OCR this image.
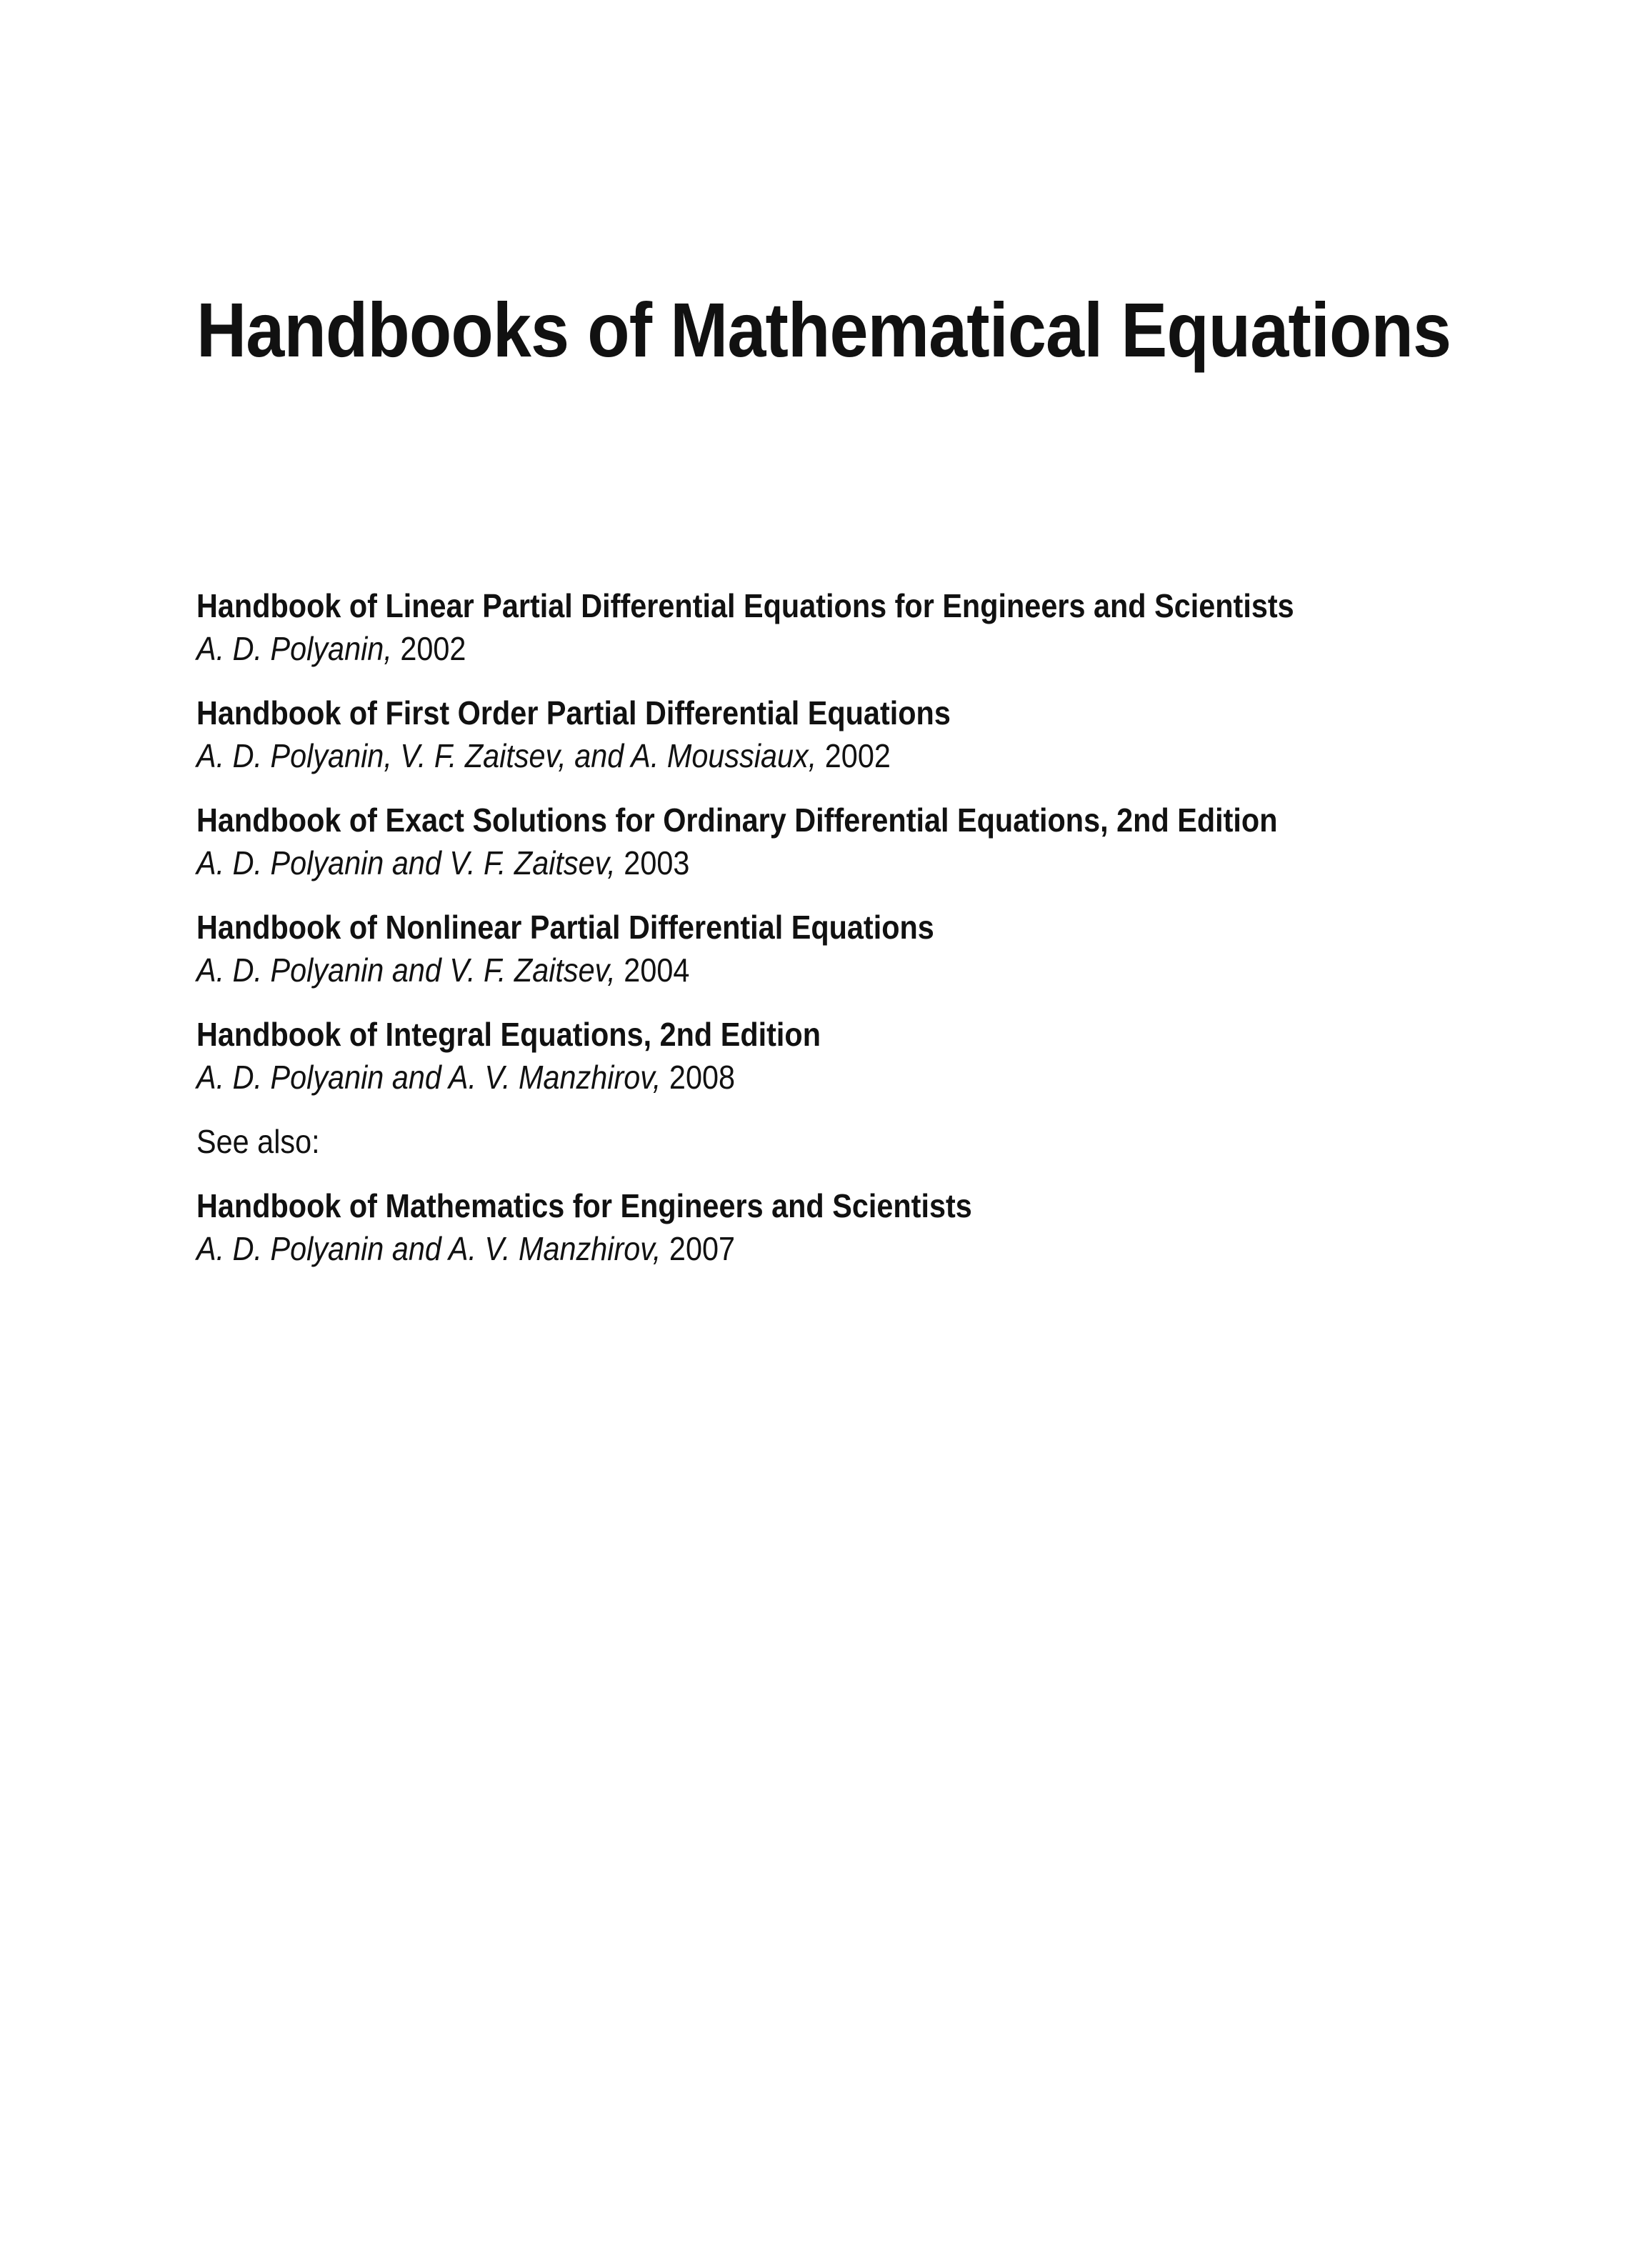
Handbooks of Mathematical Equations
Handbook of Linear Partial Differential Equations for Engineers and Scientists
A. D. Polyanin, 2002
Handbook of First Order Partial Differential Equations
A. D. Polyanin, V. F. Zaitsev, and A. Moussiaux, 2002
Handbook of Exact Solutions for Ordinary Differential Equations, 2nd Edition
A. D. Polyanin and V. F. Zaitsev, 2003
Handbook of Nonlinear Partial Differential Equations
A. D. Polyanin and V. F. Zaitsev, 2004
Handbook of Integral Equations, 2nd Edition
A. D. Polyanin and A. V. Manzhirov, 2008
See also:
Handbook of Mathematics for Engineers and Scientists
A. D. Polyanin and A. V. Manzhirov, 2007
